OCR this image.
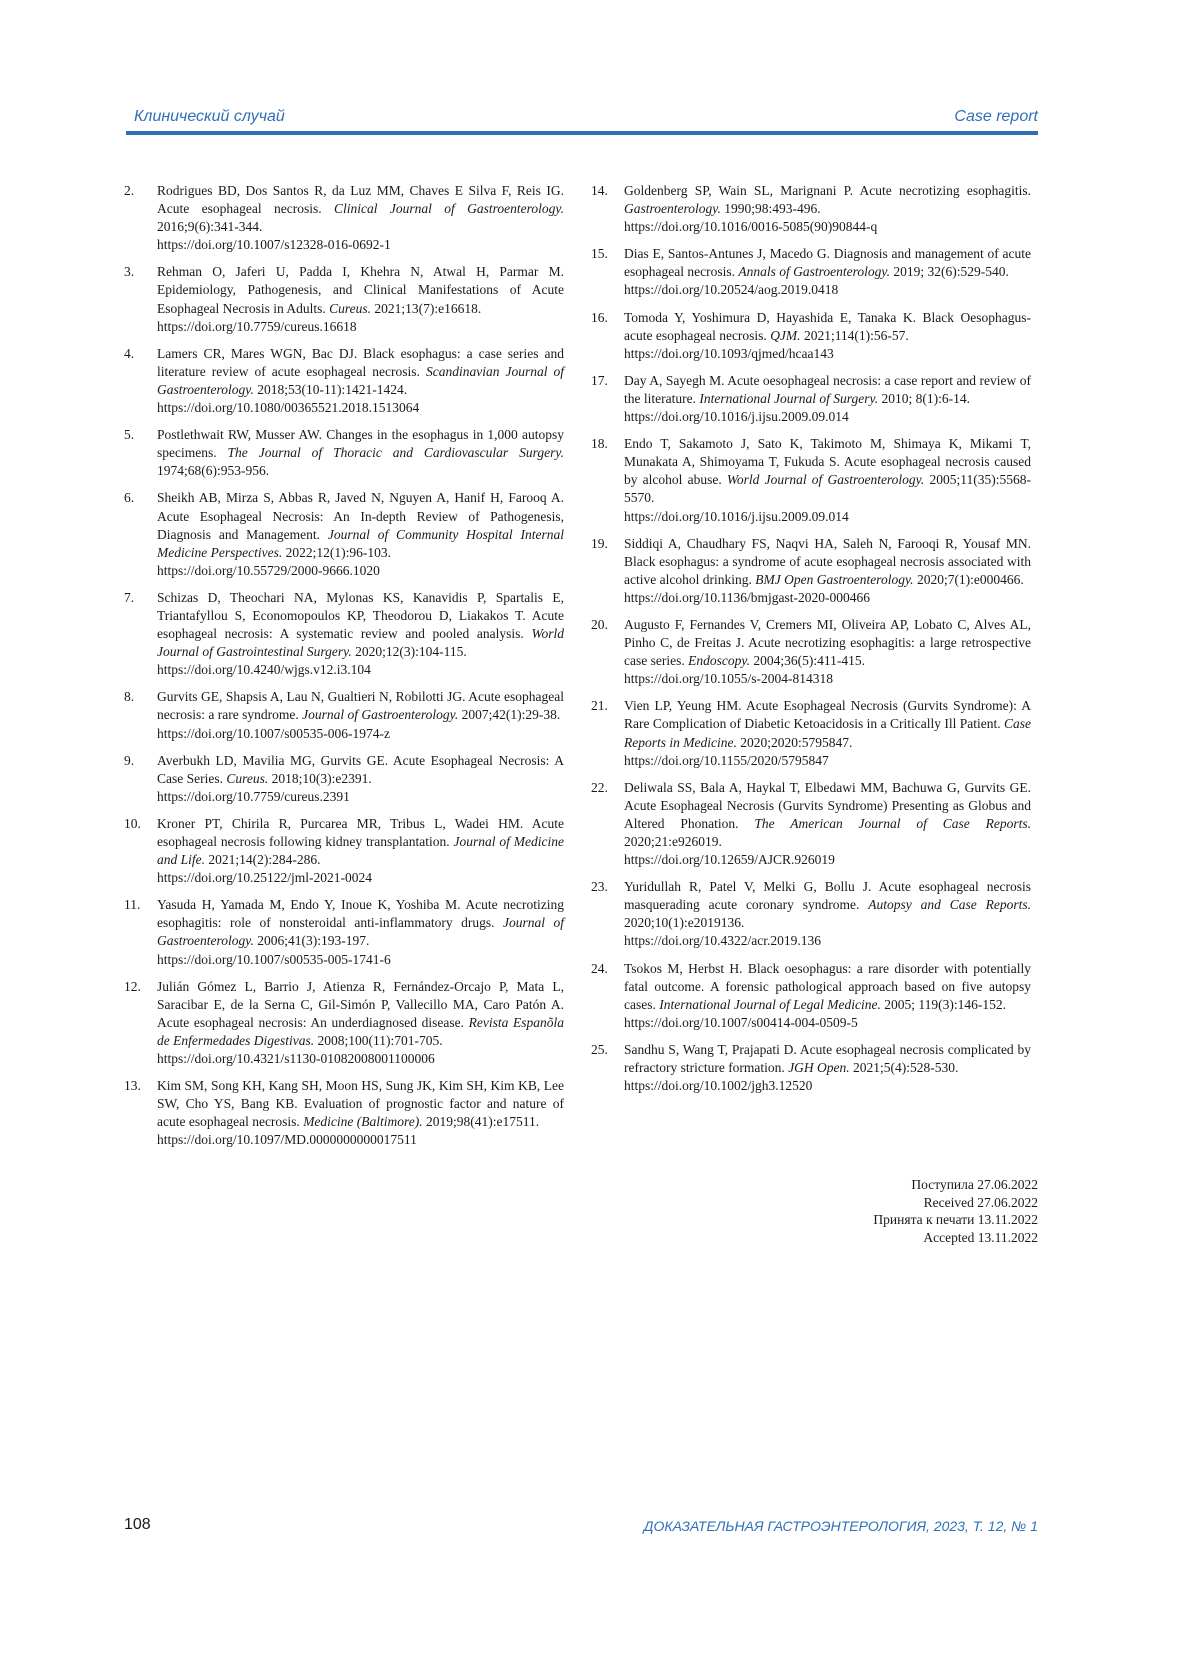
Клинический случай	Case report
2. Rodrigues BD, Dos Santos R, da Luz MM, Chaves E Silva F, Reis IG. Acute esophageal necrosis. Clinical Journal of Gastroenterology. 2016;9(6):341-344.
https://doi.org/10.1007/s12328-016-0692-1
3. Rehman O, Jaferi U, Padda I, Khehra N, Atwal H, Parmar M. Epidemiology, Pathogenesis, and Clinical Manifestations of Acute Esophageal Necrosis in Adults. Cureus. 2021;13(7):e16618.
https://doi.org/10.7759/cureus.16618
4. Lamers CR, Mares WGN, Bac DJ. Black esophagus: a case series and literature review of acute esophageal necrosis. Scandinavian Journal of Gastroenterology. 2018;53(10-11):1421-1424.
https://doi.org/10.1080/00365521.2018.1513064
5. Postlethwait RW, Musser AW. Changes in the esophagus in 1,000 autopsy specimens. The Journal of Thoracic and Cardiovascular Surgery. 1974;68(6):953-956.
6. Sheikh AB, Mirza S, Abbas R, Javed N, Nguyen A, Hanif H, Farooq A. Acute Esophageal Necrosis: An In-depth Review of Pathogenesis, Diagnosis and Management. Journal of Community Hospital Internal Medicine Perspectives. 2022;12(1):96-103.
https://doi.org/10.55729/2000-9666.1020
7. Schizas D, Theochari NA, Mylonas KS, Kanavidis P, Spartalis E, Triantafyllou S, Economopoulos KP, Theodorou D, Liakakos T. Acute esophageal necrosis: A systematic review and pooled analysis. World Journal of Gastrointestinal Surgery. 2020;12(3):104-115.
https://doi.org/10.4240/wjgs.v12.i3.104
8. Gurvits GE, Shapsis A, Lau N, Gualtieri N, Robilotti JG. Acute esophageal necrosis: a rare syndrome. Journal of Gastroenterology. 2007;42(1):29-38.
https://doi.org/10.1007/s00535-006-1974-z
9. Averbukh LD, Mavilia MG, Gurvits GE. Acute Esophageal Necrosis: A Case Series. Cureus. 2018;10(3):e2391.
https://doi.org/10.7759/cureus.2391
10. Kroner PT, Chirila R, Purcarea MR, Tribus L, Wadei HM. Acute esophageal necrosis following kidney transplantation. Journal of Medicine and Life. 2021;14(2):284-286.
https://doi.org/10.25122/jml-2021-0024
11. Yasuda H, Yamada M, Endo Y, Inoue K, Yoshiba M. Acute necrotizing esophagitis: role of nonsteroidal anti-inflammatory drugs. Journal of Gastroenterology. 2006;41(3):193-197.
https://doi.org/10.1007/s00535-005-1741-6
12. Julián Gómez L, Barrio J, Atienza R, Fernández-Orcajo P, Mata L, Saracibar E, de la Serna C, Gil-Simón P, Vallecillo MA, Caro Patón A. Acute esophageal necrosis: An underdiagnosed disease. Revista Espanõla de Enfermedades Digestivas. 2008;100(11):701-705.
https://doi.org/10.4321/s1130-01082008001100006
13. Kim SM, Song KH, Kang SH, Moon HS, Sung JK, Kim SH, Kim KB, Lee SW, Cho YS, Bang KB. Evaluation of prognostic factor and nature of acute esophageal necrosis. Medicine (Baltimore). 2019;98(41):e17511.
https://doi.org/10.1097/MD.0000000000017511
14. Goldenberg SP, Wain SL, Marignani P. Acute necrotizing esophagitis. Gastroenterology. 1990;98:493-496.
https://doi.org/10.1016/0016-5085(90)90844-q
15. Dias E, Santos-Antunes J, Macedo G. Diagnosis and management of acute esophageal necrosis. Annals of Gastroenterology. 2019; 32(6):529-540.
https://doi.org/10.20524/aog.2019.0418
16. Tomoda Y, Yoshimura D, Hayashida E, Tanaka K. Black Oesophagus-acute esophageal necrosis. QJM. 2021;114(1):56-57.
https://doi.org/10.1093/qjmed/hcaa143
17. Day A, Sayegh M. Acute oesophageal necrosis: a case report and review of the literature. International Journal of Surgery. 2010; 8(1):6-14.
https://doi.org/10.1016/j.ijsu.2009.09.014
18. Endo T, Sakamoto J, Sato K, Takimoto M, Shimaya K, Mikami T, Munakata A, Shimoyama T, Fukuda S. Acute esophageal necrosis caused by alcohol abuse. World Journal of Gastroenterology. 2005;11(35):5568-5570.
https://doi.org/10.1016/j.ijsu.2009.09.014
19. Siddiqi A, Chaudhary FS, Naqvi HA, Saleh N, Farooqi R, Yousaf MN. Black esophagus: a syndrome of acute esophageal necrosis associated with active alcohol drinking. BMJ Open Gastroenterology. 2020;7(1):e000466.
https://doi.org/10.1136/bmjgast-2020-000466
20. Augusto F, Fernandes V, Cremers MI, Oliveira AP, Lobato C, Alves AL, Pinho C, de Freitas J. Acute necrotizing esophagitis: a large retrospective case series. Endoscopy. 2004;36(5):411-415.
https://doi.org/10.1055/s-2004-814318
21. Vien LP, Yeung HM. Acute Esophageal Necrosis (Gurvits Syndrome): A Rare Complication of Diabetic Ketoacidosis in a Critically Ill Patient. Case Reports in Medicine. 2020;2020:5795847.
https://doi.org/10.1155/2020/5795847
22. Deliwala SS, Bala A, Haykal T, Elbedawi MM, Bachuwa G, Gurvits GE. Acute Esophageal Necrosis (Gurvits Syndrome) Presenting as Globus and Altered Phonation. The American Journal of Case Reports. 2020;21:e926019.
https://doi.org/10.12659/AJCR.926019
23. Yuridullah R, Patel V, Melki G, Bollu J. Acute esophageal necrosis masquerading acute coronary syndrome. Autopsy and Case Reports. 2020;10(1):e2019136.
https://doi.org/10.4322/acr.2019.136
24. Tsokos M, Herbst H. Black oesophagus: a rare disorder with potentially fatal outcome. A forensic pathological approach based on five autopsy cases. International Journal of Legal Medicine. 2005; 119(3):146-152.
https://doi.org/10.1007/s00414-004-0509-5
25. Sandhu S, Wang T, Prajapati D. Acute esophageal necrosis complicated by refractory stricture formation. JGH Open. 2021;5(4):528-530.
https://doi.org/10.1002/jgh3.12520
Поступила 27.06.2022
Received 27.06.2022
Принята к печати 13.11.2022
Accepted 13.11.2022
108	ДОКАЗАТЕЛЬНАЯ ГАСТРОЭНТЕРОЛОГИЯ, 2023, Т. 12, № 1
